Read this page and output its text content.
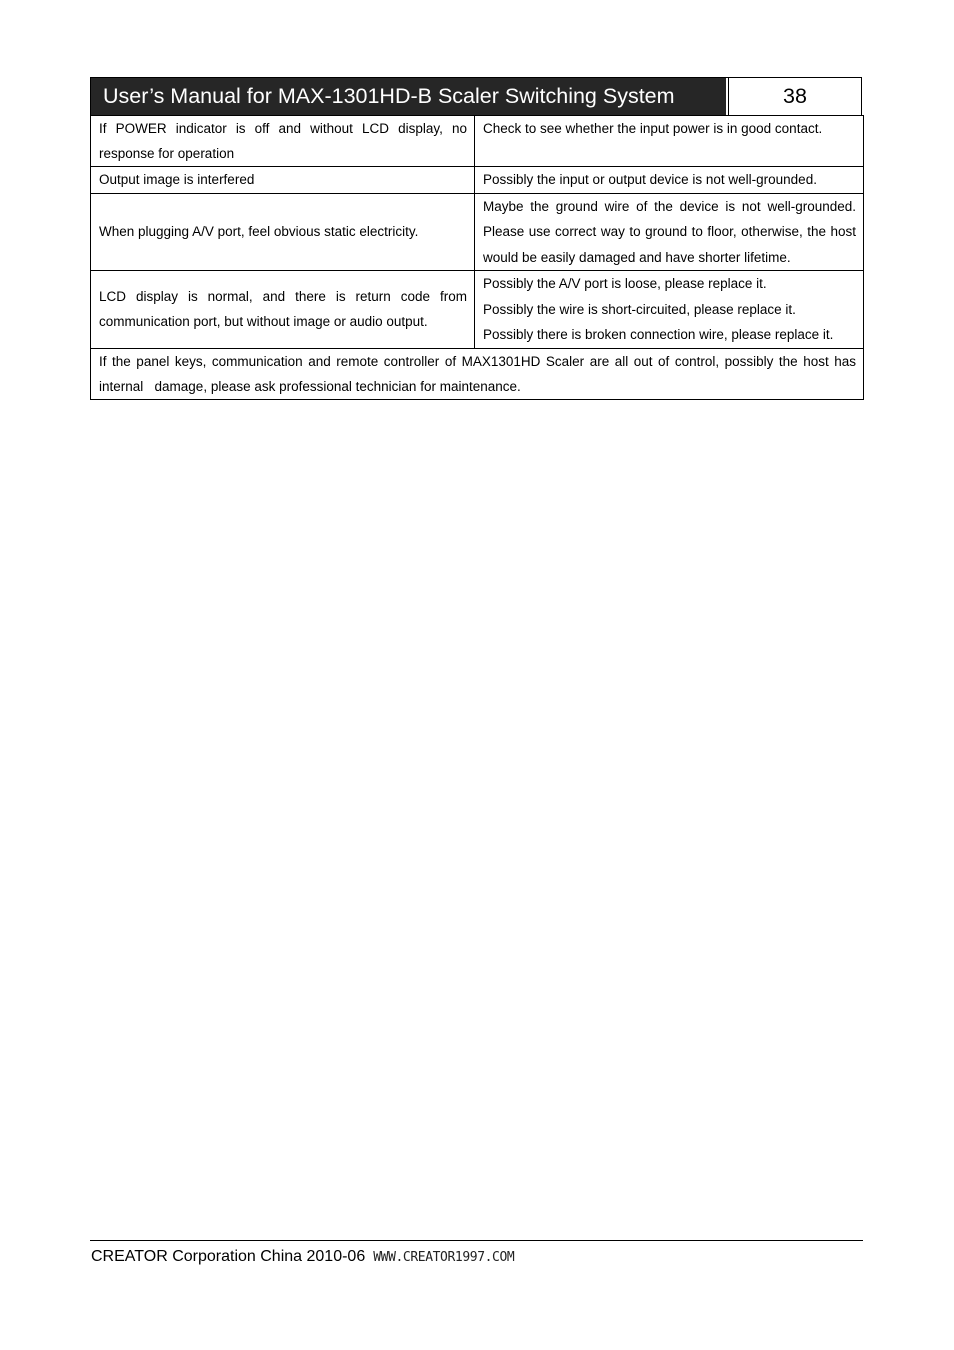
User’s Manual for MAX-1301HD-B Scaler Switching System	38
If POWER indicator is off and without LCD display, no response for operation	Check to see whether the input power is in good contact.

Output image is interfered	Possibly the input or output device is not well-grounded.

When plugging A/V port, feel obvious static electricity.	Maybe the ground wire of the device is not well-grounded. Please use correct way to ground to floor, otherwise, the host would be easily damaged and have shorter lifetime.

LCD display is normal, and there is return code from communication port, but without image or audio output.	Possibly the A/V port is loose, please replace it.
Possibly the wire is short-circuited, please replace it.
Possibly there is broken connection wire, please replace it.

If the panel keys, communication and remote controller of MAX1301HD Scaler are all out of control, possibly the host has   internal   damage, please ask professional technician for maintenance.	
CREATOR Corporation China 2010-06 WWW.CREATOR1997.COM
